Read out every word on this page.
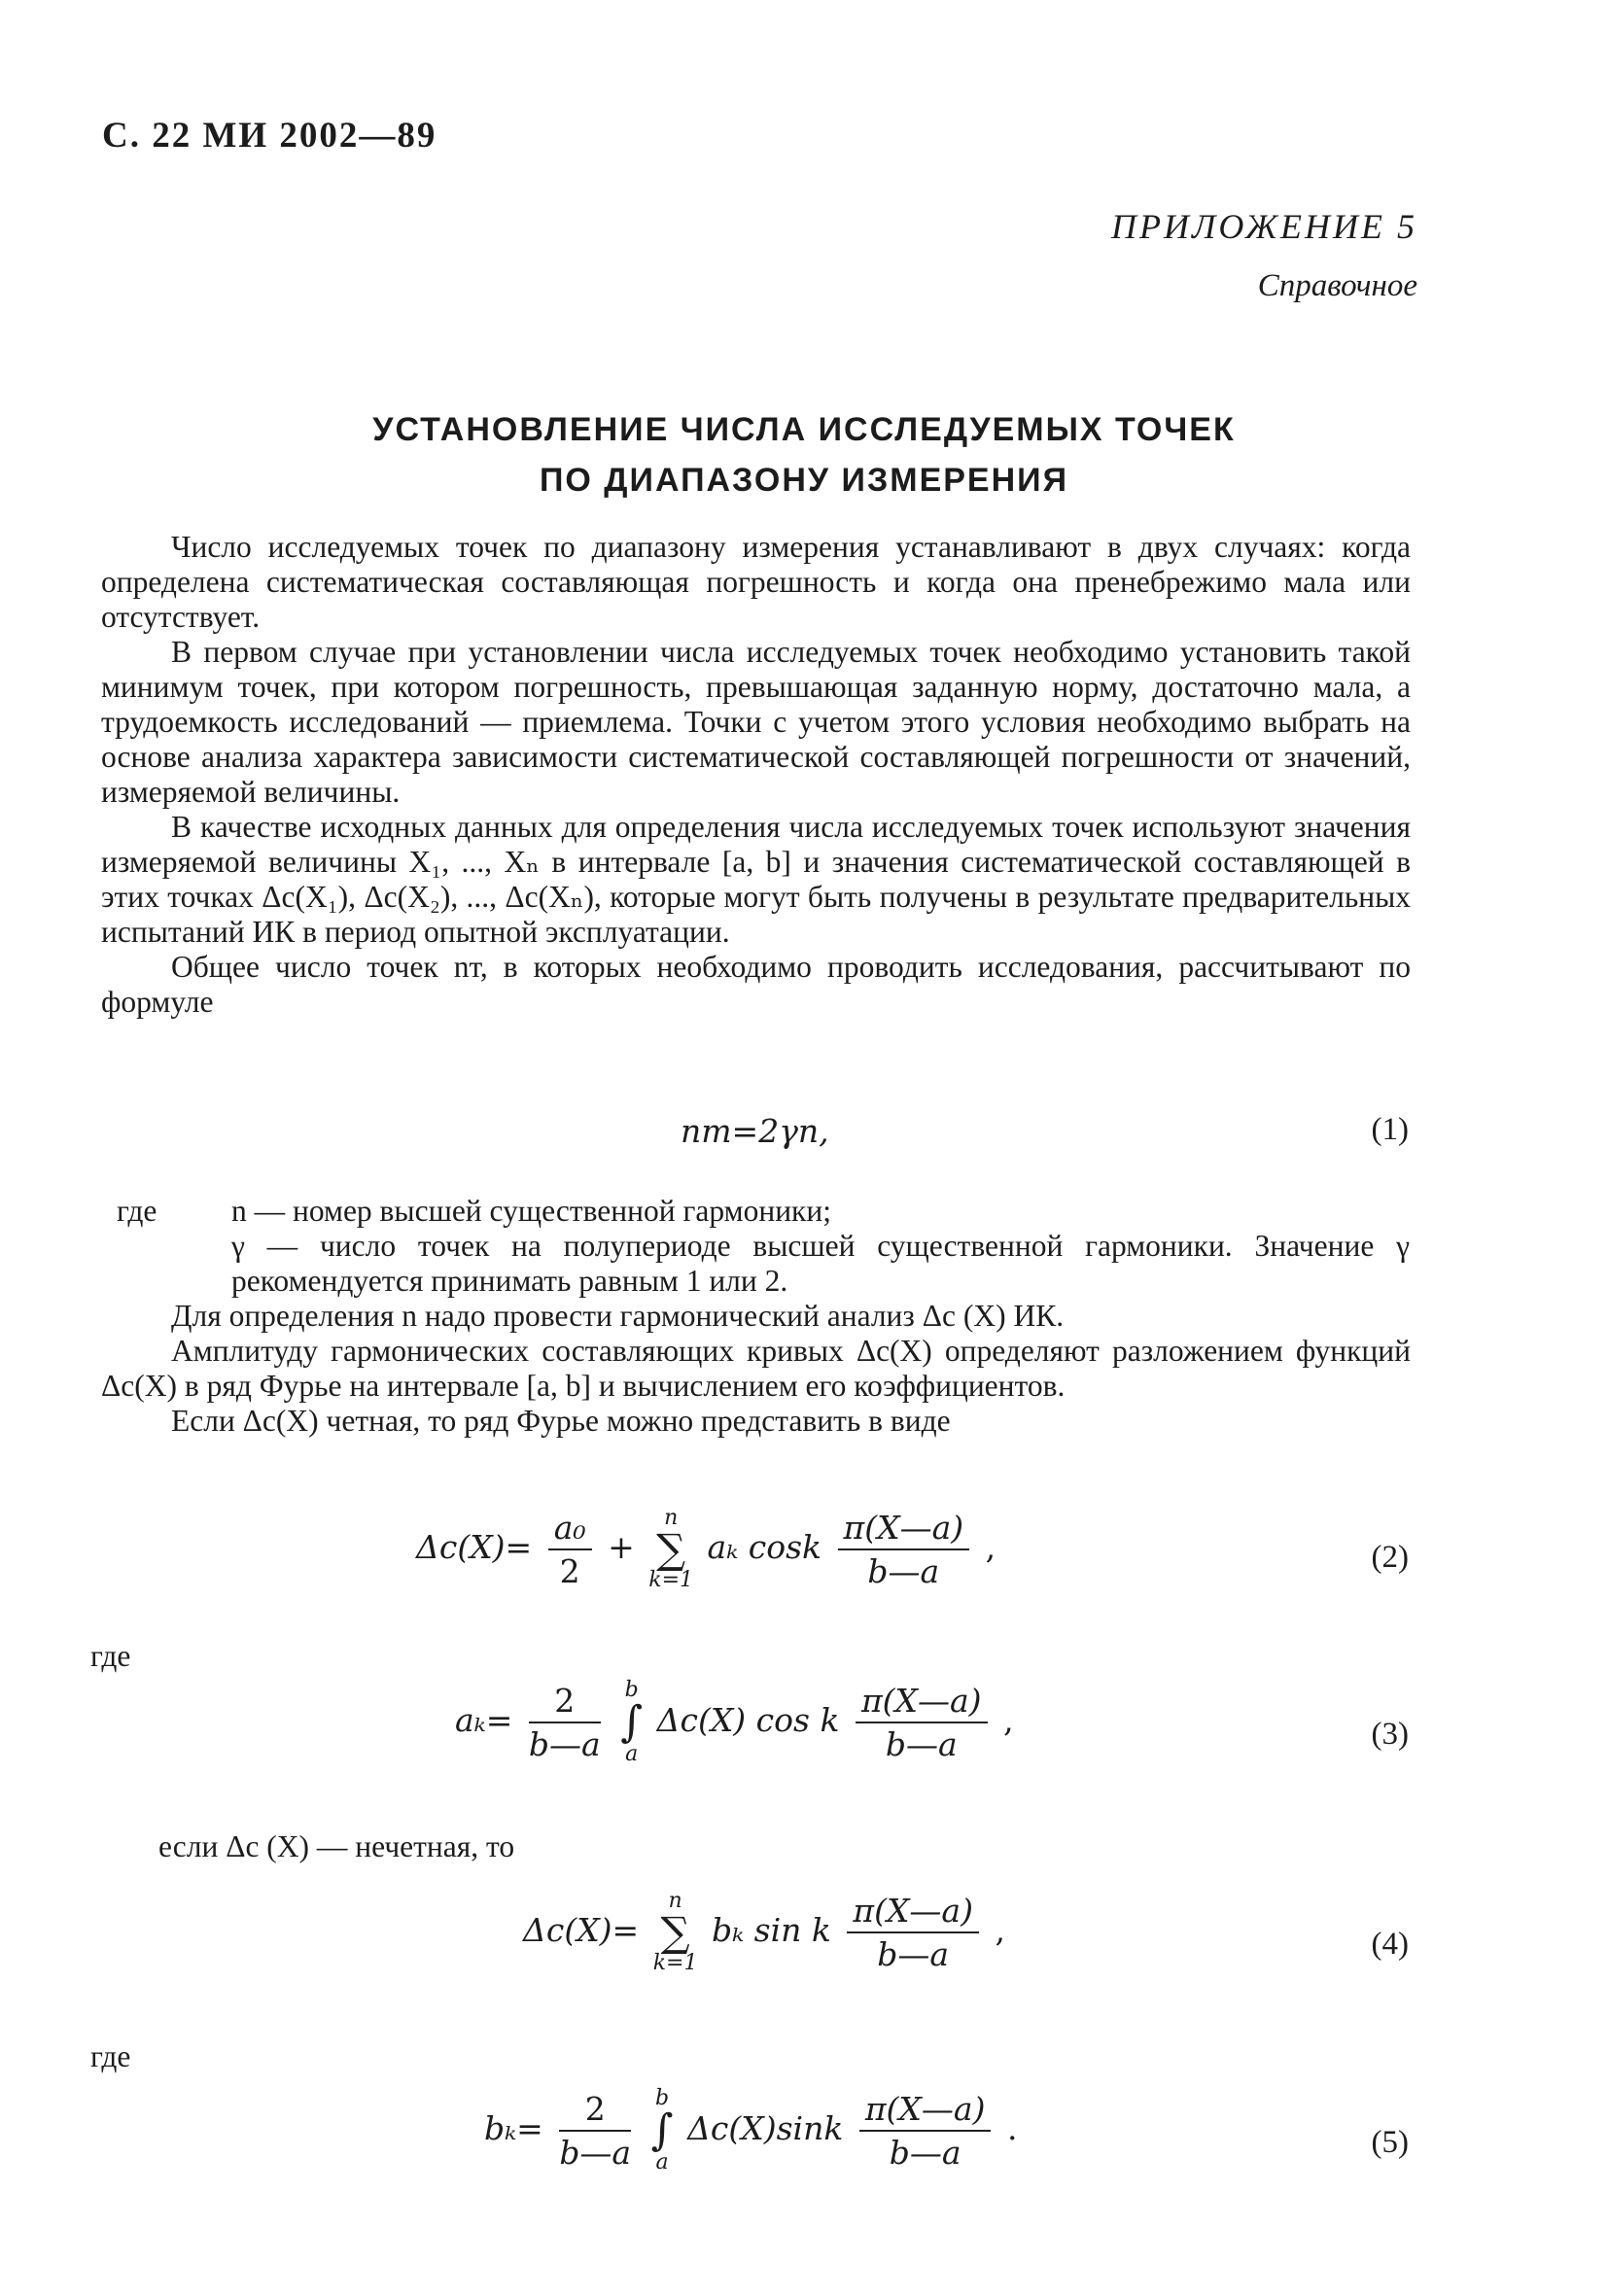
С. 22 МИ 2002—89
ПРИЛОЖЕНИЕ 5
Справочное
УСТАНОВЛЕНИЕ ЧИСЛА ИССЛЕДУЕМЫХ ТОЧЕК
ПО ДИАПАЗОНУ ИЗМЕРЕНИЯ

Число исследуемых точек по диапазону измерения устанавливают в двух случаях: когда определена систематическая составляющая погрешность и когда она пренебрежимо мала или отсутствует.

В первом случае при установлении числа исследуемых точек необходимо установить такой минимум точек, при котором погрешность, превышающая заданную норму, достаточно мала, а трудоемкость исследований — приемлема. Точки с учетом этого условия необходимо выбрать на основе анализа характера зависимости систематической составляющей погрешности от значений, измеряемой величины.

В качестве исходных данных для определения числа исследуемых точек используют значения измеряемой величины X₁, ..., Xₙ в интервале [a, b] и значения систематической составляющей в этих точках Δc(X₁), Δc(X₂), ..., Δc(Xₙ), которые могут быть получены в результате предварительных испытаний ИК в период опытной эксплуатации.

Общее число точек nт, в которых необходимо проводить исследования, рассчитывают по формуле

nт=2γn,	(1)
где	n — номер высшей существенной гармоники;
γ — число точек на полупериоде высшей существенной гармоники. Значение γ рекомендуется принимать равным 1 или 2.

Для определения n надо провести гармонический анализ Δc (X) ИК.

Амплитуду гармонических составляющих кривых Δc(X) определяют разложением функций Δc(X) в ряд Фурье на интервале [a, b] и вычислением его коэффициентов.

Если Δc(X) четная, то ряд Фурье можно представить в виде

$\Delta c(X)= \frac{\text{a₀}}{2} + n$
∑
k=1 aₖ cosk $\frac{\pi(X—a)}{b—a}$ ,	(2)
где
$a_k= \frac{2}{b—a}$ b
∫
a Δc(X) cos k $\frac{\pi(X—a)}{b—a}$ ,	(3)
если Δc (X) — нечетная, то
Δc(X)= n
∑
k=1 bₖ sin k $\frac{\pi(X—a)}{b—a}$ ,	(4)
где
$b_k= \frac{2}{b—a}$ b
∫
a $\Delta c(X)\sin k \frac{\pi(X—a)}{b—a}$ .	(5)
